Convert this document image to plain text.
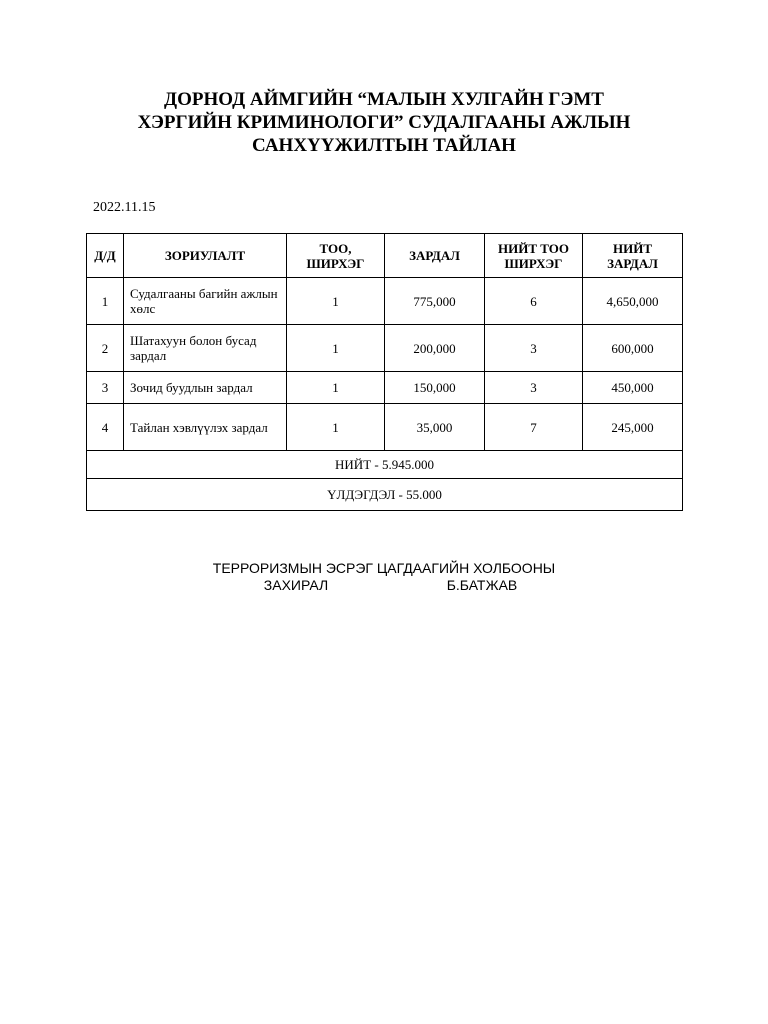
ДОРНОД АЙМГИЙН “МАЛЫН ХУЛГАЙН ГЭМТ
ХЭРГИЙН КРИМИНОЛОГИ” СУДАЛГААНЫ АЖЛЫН
САНХҮҮЖИЛТЫН ТАЙЛАН
2022.11.15
Д/Д	ЗОРИУЛАЛТ	ТОО, ШИРХЭГ	ЗАРДАЛ	НИЙТ ТОО ШИРХЭГ	НИЙТ ЗАРДАЛ
1	Судалгааны багийн ажлын хөлс	1	775,000	6	4,650,000
2	Шатахуун болон бусад зардал	1	200,000	3	600,000
3	Зочид буудлын зардал	1	150,000	3	450,000
4	Тайлан хэвлүүлэх зардал	1	35,000	7	245,000
НИЙТ - 5.945.000					
ҮЛДЭГДЭЛ - 55.000					
ТЕРРОРИЗМЫН ЭСРЭГ ЦАГДААГИЙН ХОЛБООНЫ
ЗАХИРАЛ	Б.БАТЖАВ
